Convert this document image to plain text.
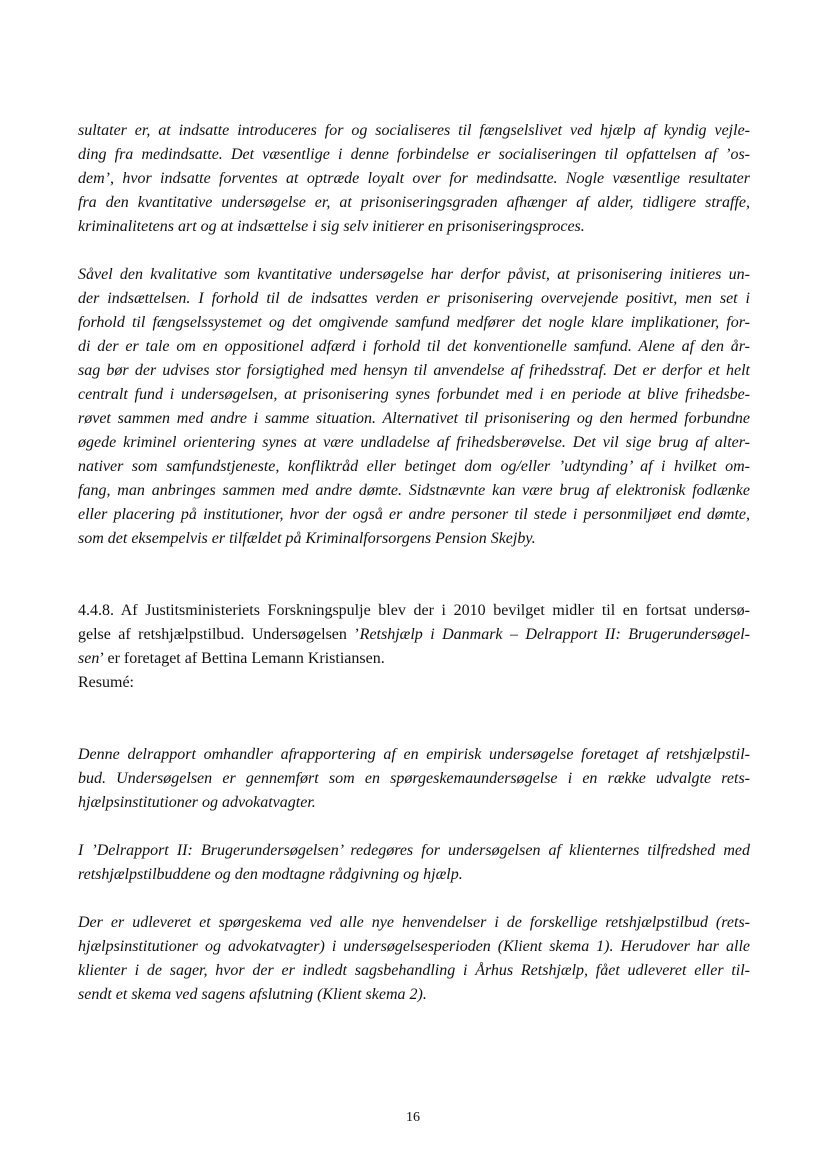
sultater er, at indsatte introduceres for og socialiseres til fængselslivet ved hjælp af kyndig vejle-
ding fra medindsatte. Det væsentlige i denne forbindelse er socialiseringen til opfattelsen af ’os-
dem’, hvor indsatte forventes at optræde loyalt over for medindsatte. Nogle væsentlige resultater
fra den kvantitative undersøgelse er, at prisoniseringsgraden afhænger af alder, tidligere straffe,
kriminalitetens art og at indsættelse i sig selv initierer en prisoniseringsproces.
Såvel den kvalitative som kvantitative undersøgelse har derfor påvist, at prisonisering initieres un-
der indsættelsen. I forhold til de indsattes verden er prisonisering overvejende positivt, men set i
forhold til fængselssystemet og det omgivende samfund medfører det nogle klare implikationer, for-
di der er tale om en oppositionel adfærd i forhold til det konventionelle samfund. Alene af den år-
sag bør der udvises stor forsigtighed med hensyn til anvendelse af frihedsstraf. Det er derfor et helt
centralt fund i undersøgelsen, at prisonisering synes forbundet med i en periode at blive frihedsbe-
røvet sammen med andre i samme situation. Alternativet til prisonisering og den hermed forbundne
øgede kriminel orientering synes at være undladelse af frihedsberøvelse. Det vil sige brug af alter-
nativer som samfundstjeneste, konfliktråd eller betinget dom og/eller ’udtynding’ af i hvilket om-
fang, man anbringes sammen med andre dømte. Sidstnævnte kan være brug af elektronisk fodlænke
eller placering på institutioner, hvor der også er andre personer til stede i personmiljøet end dømte,
som det eksempelvis er tilfældet på Kriminalforsorgens Pension Skejby.
4.4.8. Af Justitsministeriets Forskningspulje blev der i 2010 bevilget midler til en fortsat undersø-
gelse af retshjælpstilbud. Undersøgelsen ’Retshjælp i Danmark – Delrapport II: Brugerundersøgel-
sen’ er foretaget af Bettina Lemann Kristiansen.
Resumé:
Denne delrapport omhandler afrapportering af en empirisk undersøgelse foretaget af retshjælpstil-
bud. Undersøgelsen er gennemført som en spørgeskemaundersøgelse i en række udvalgte rets-
hjælpsinstitutioner og advokatvagter.
I ’Delrapport II: Brugerundersøgelsen’ redegøres for undersøgelsen af klienternes tilfredshed med
retshjælpstilbuddene og den modtagne rådgivning og hjælp.
Der er udleveret et spørgeskema ved alle nye henvendelser i de forskellige retshjælpstilbud (rets-
hjælpsinstitutioner og advokatvagter) i undersøgelsesperioden (Klient skema 1). Herudover har alle
klienter i de sager, hvor der er indledt sagsbehandling i Århus Retshjælp, fået udleveret eller til-
sendt et skema ved sagens afslutning (Klient skema 2).
16
